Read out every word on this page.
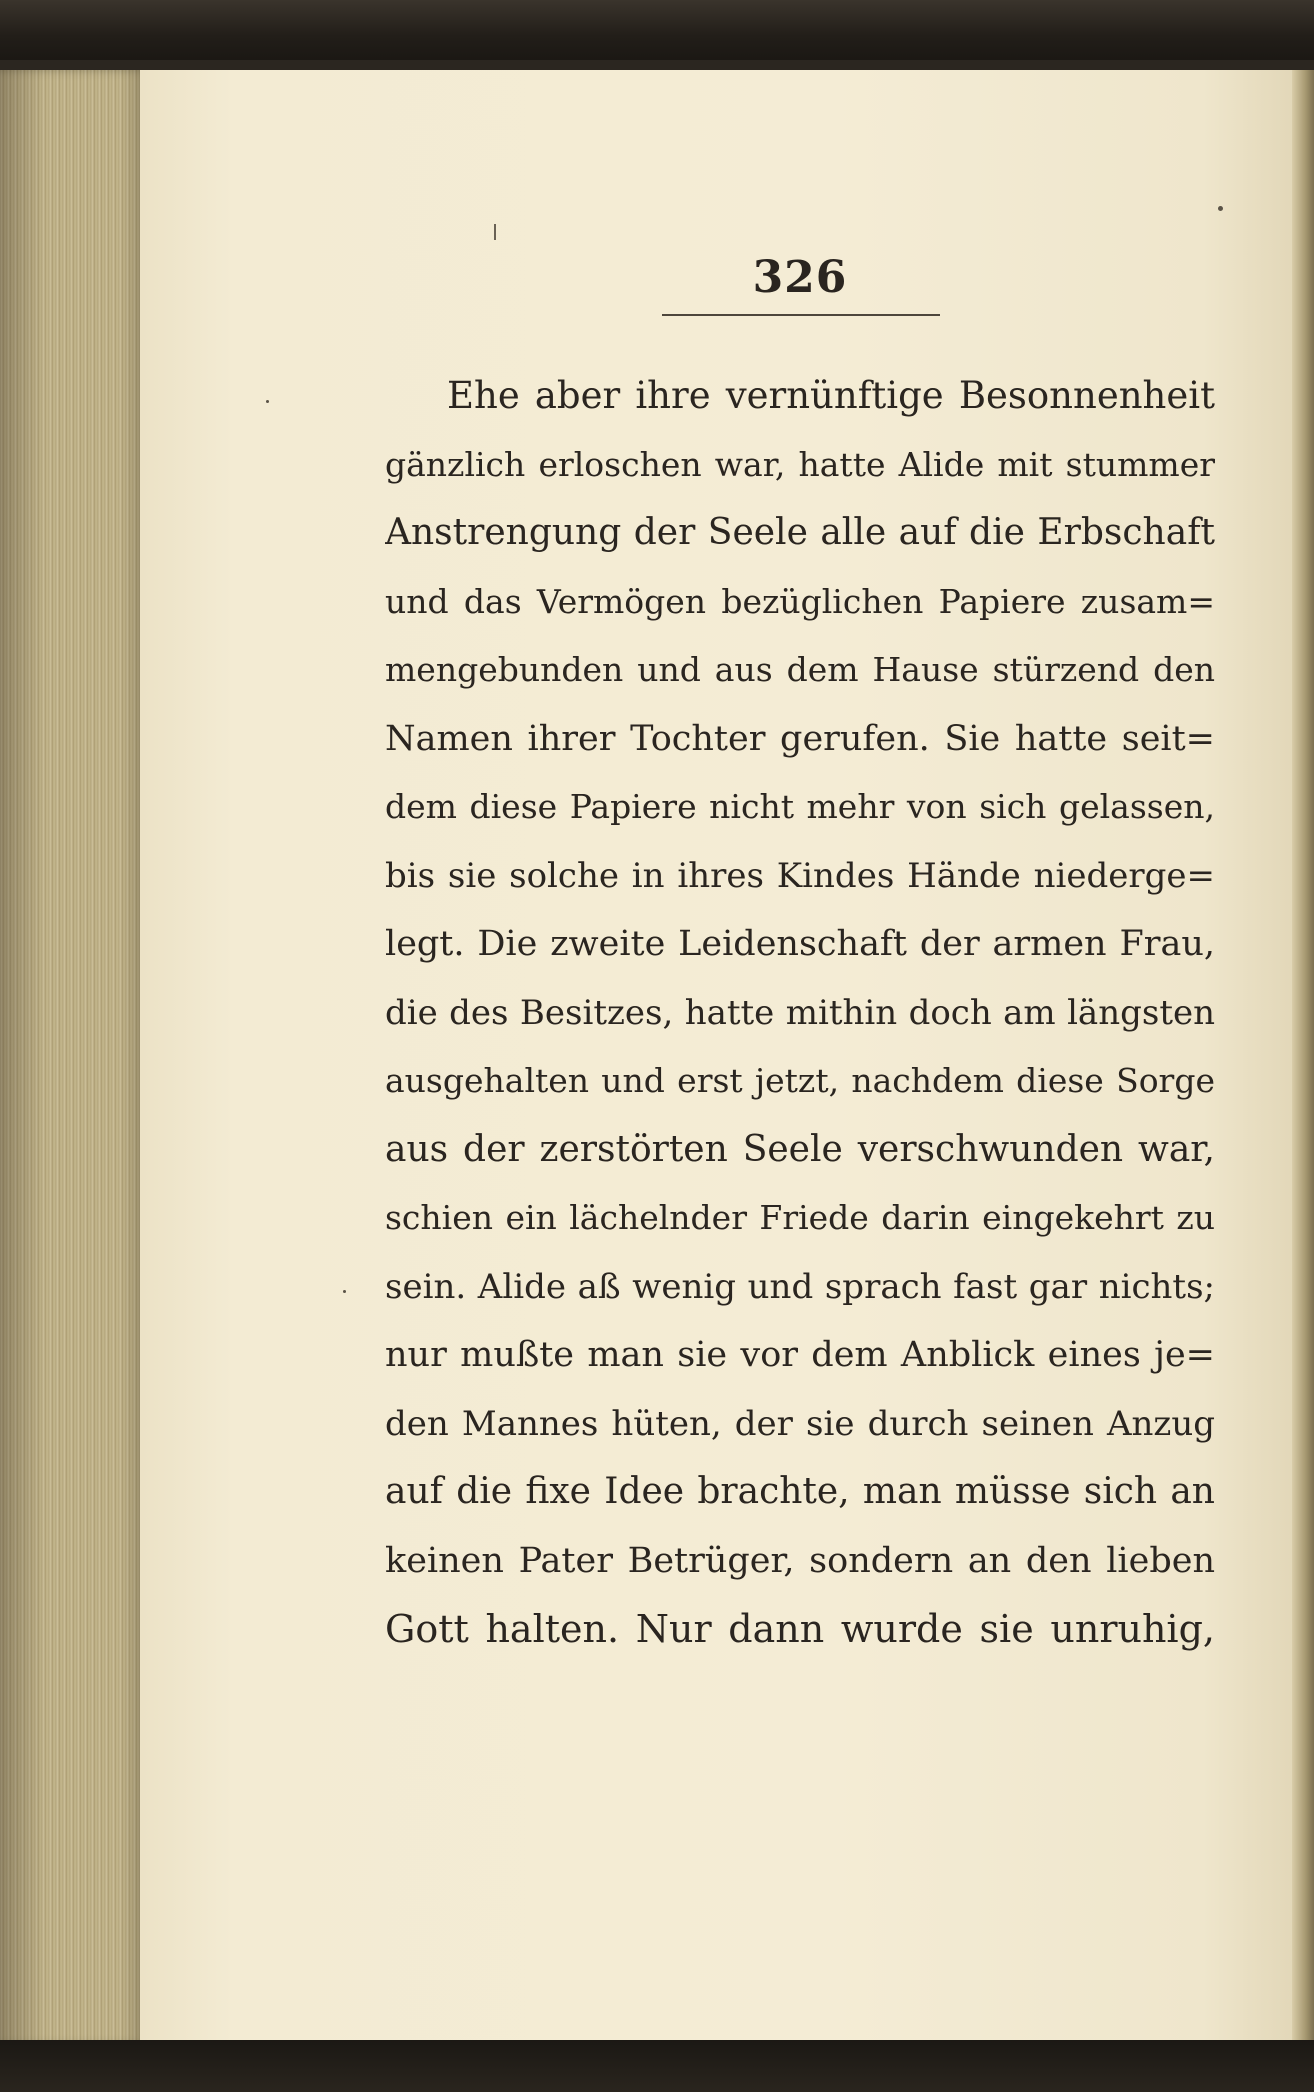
326
Ehe aber ihre vernünftige Besonnenheit
gänzlich erloschen war, hatte Alide mit stummer
Anstrengung der Seele alle auf die Erbschaft
und das Vermögen bezüglichen Papiere zusam=
mengebunden und aus dem Hause stürzend den
Namen ihrer Tochter gerufen. Sie hatte seit=
dem diese Papiere nicht mehr von sich gelassen,
bis sie solche in ihres Kindes Hände niederge=
legt. Die zweite Leidenschaft der armen Frau,
die des Besitzes, hatte mithin doch am längsten
ausgehalten und erst jetzt, nachdem diese Sorge
aus der zerstörten Seele verschwunden war,
schien ein lächelnder Friede darin eingekehrt zu
sein. Alide aß wenig und sprach fast gar nichts;
nur mußte man sie vor dem Anblick eines je=
den Mannes hüten, der sie durch seinen Anzug
auf die fixe Idee brachte, man müsse sich an
keinen Pater Betrüger, sondern an den lieben
Gott halten. Nur dann wurde sie unruhig,
